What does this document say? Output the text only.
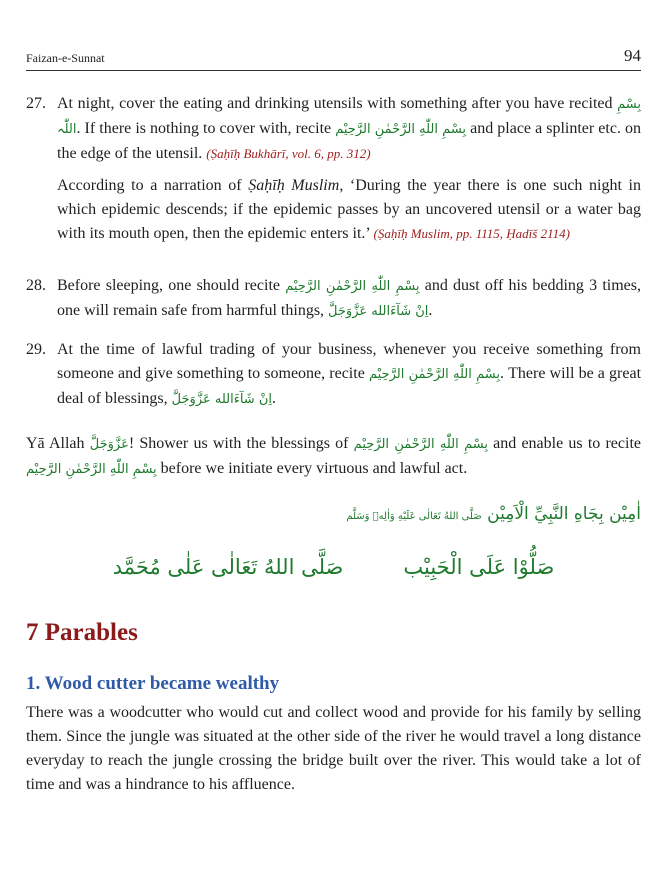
Faizan-e-Sunnat	94
27. At night, cover the eating and drinking utensils with something after you have recited بِسْمِ اللّٰہ. If there is nothing to cover with, recite بِسْمِ اللّٰهِ الرَّحْمٰنِ الرَّحِيْم and place a splinter etc. on the edge of the utensil. (Ṣaḥīḥ Bukhārī, vol. 6, pp. 312)

According to a narration of Ṣaḥīḥ Muslim, ‘During the year there is one such night in which epidemic descends; if the epidemic passes by an uncovered utensil or a water bag with its mouth open, then the epidemic enters it.’ (Ṣaḥīḥ Muslim, pp. 1115, Ḥadīš 2114)

28. Before sleeping, one should recite بِسْمِ اللّٰهِ الرَّحْمٰنِ الرَّحِيْم and dust off his bedding 3 times, one will remain safe from harmful things, اِنْ شَآءَالله عَزَّوَجَلَّ.

29. At the time of lawful trading of your business, whenever you receive something from someone and give something to someone, recite بِسْمِ اللّٰهِ الرَّحْمٰنِ الرَّحِيْم. There will be a great deal of blessings, اِنْ شَآءَالله عَزَّوَجَلَّ.

Yā Allah عَزَّوَجَلَّ! Shower us with the blessings of بِسْمِ اللّٰهِ الرَّحْمٰنِ الرَّحِيْم and enable us to recite بِسْمِ اللّٰهِ الرَّحْمٰنِ الرَّحِيْم before we initiate every virtuous and lawful act.

اٰمِيْن بِجَاهِ النَّبِيِّ الْاَمِيْن صَلَّى اللهُ تَعَالٰى عَلَيْهِ وَاٰلِهٖ وَسَلَّم
صَلَّى اللهُ تَعَالٰى عَلٰى مُحَمَّد	صَلُّوْا عَلَى الْحَبِيْب
7 Parables
1. Wood cutter became wealthy

There was a woodcutter who would cut and collect wood and provide for his family by selling them. Since the jungle was situated at the other side of the river he would travel a long distance everyday to reach the jungle crossing the bridge built over the river. This would take a lot of time and was a hindrance to his affluence.
